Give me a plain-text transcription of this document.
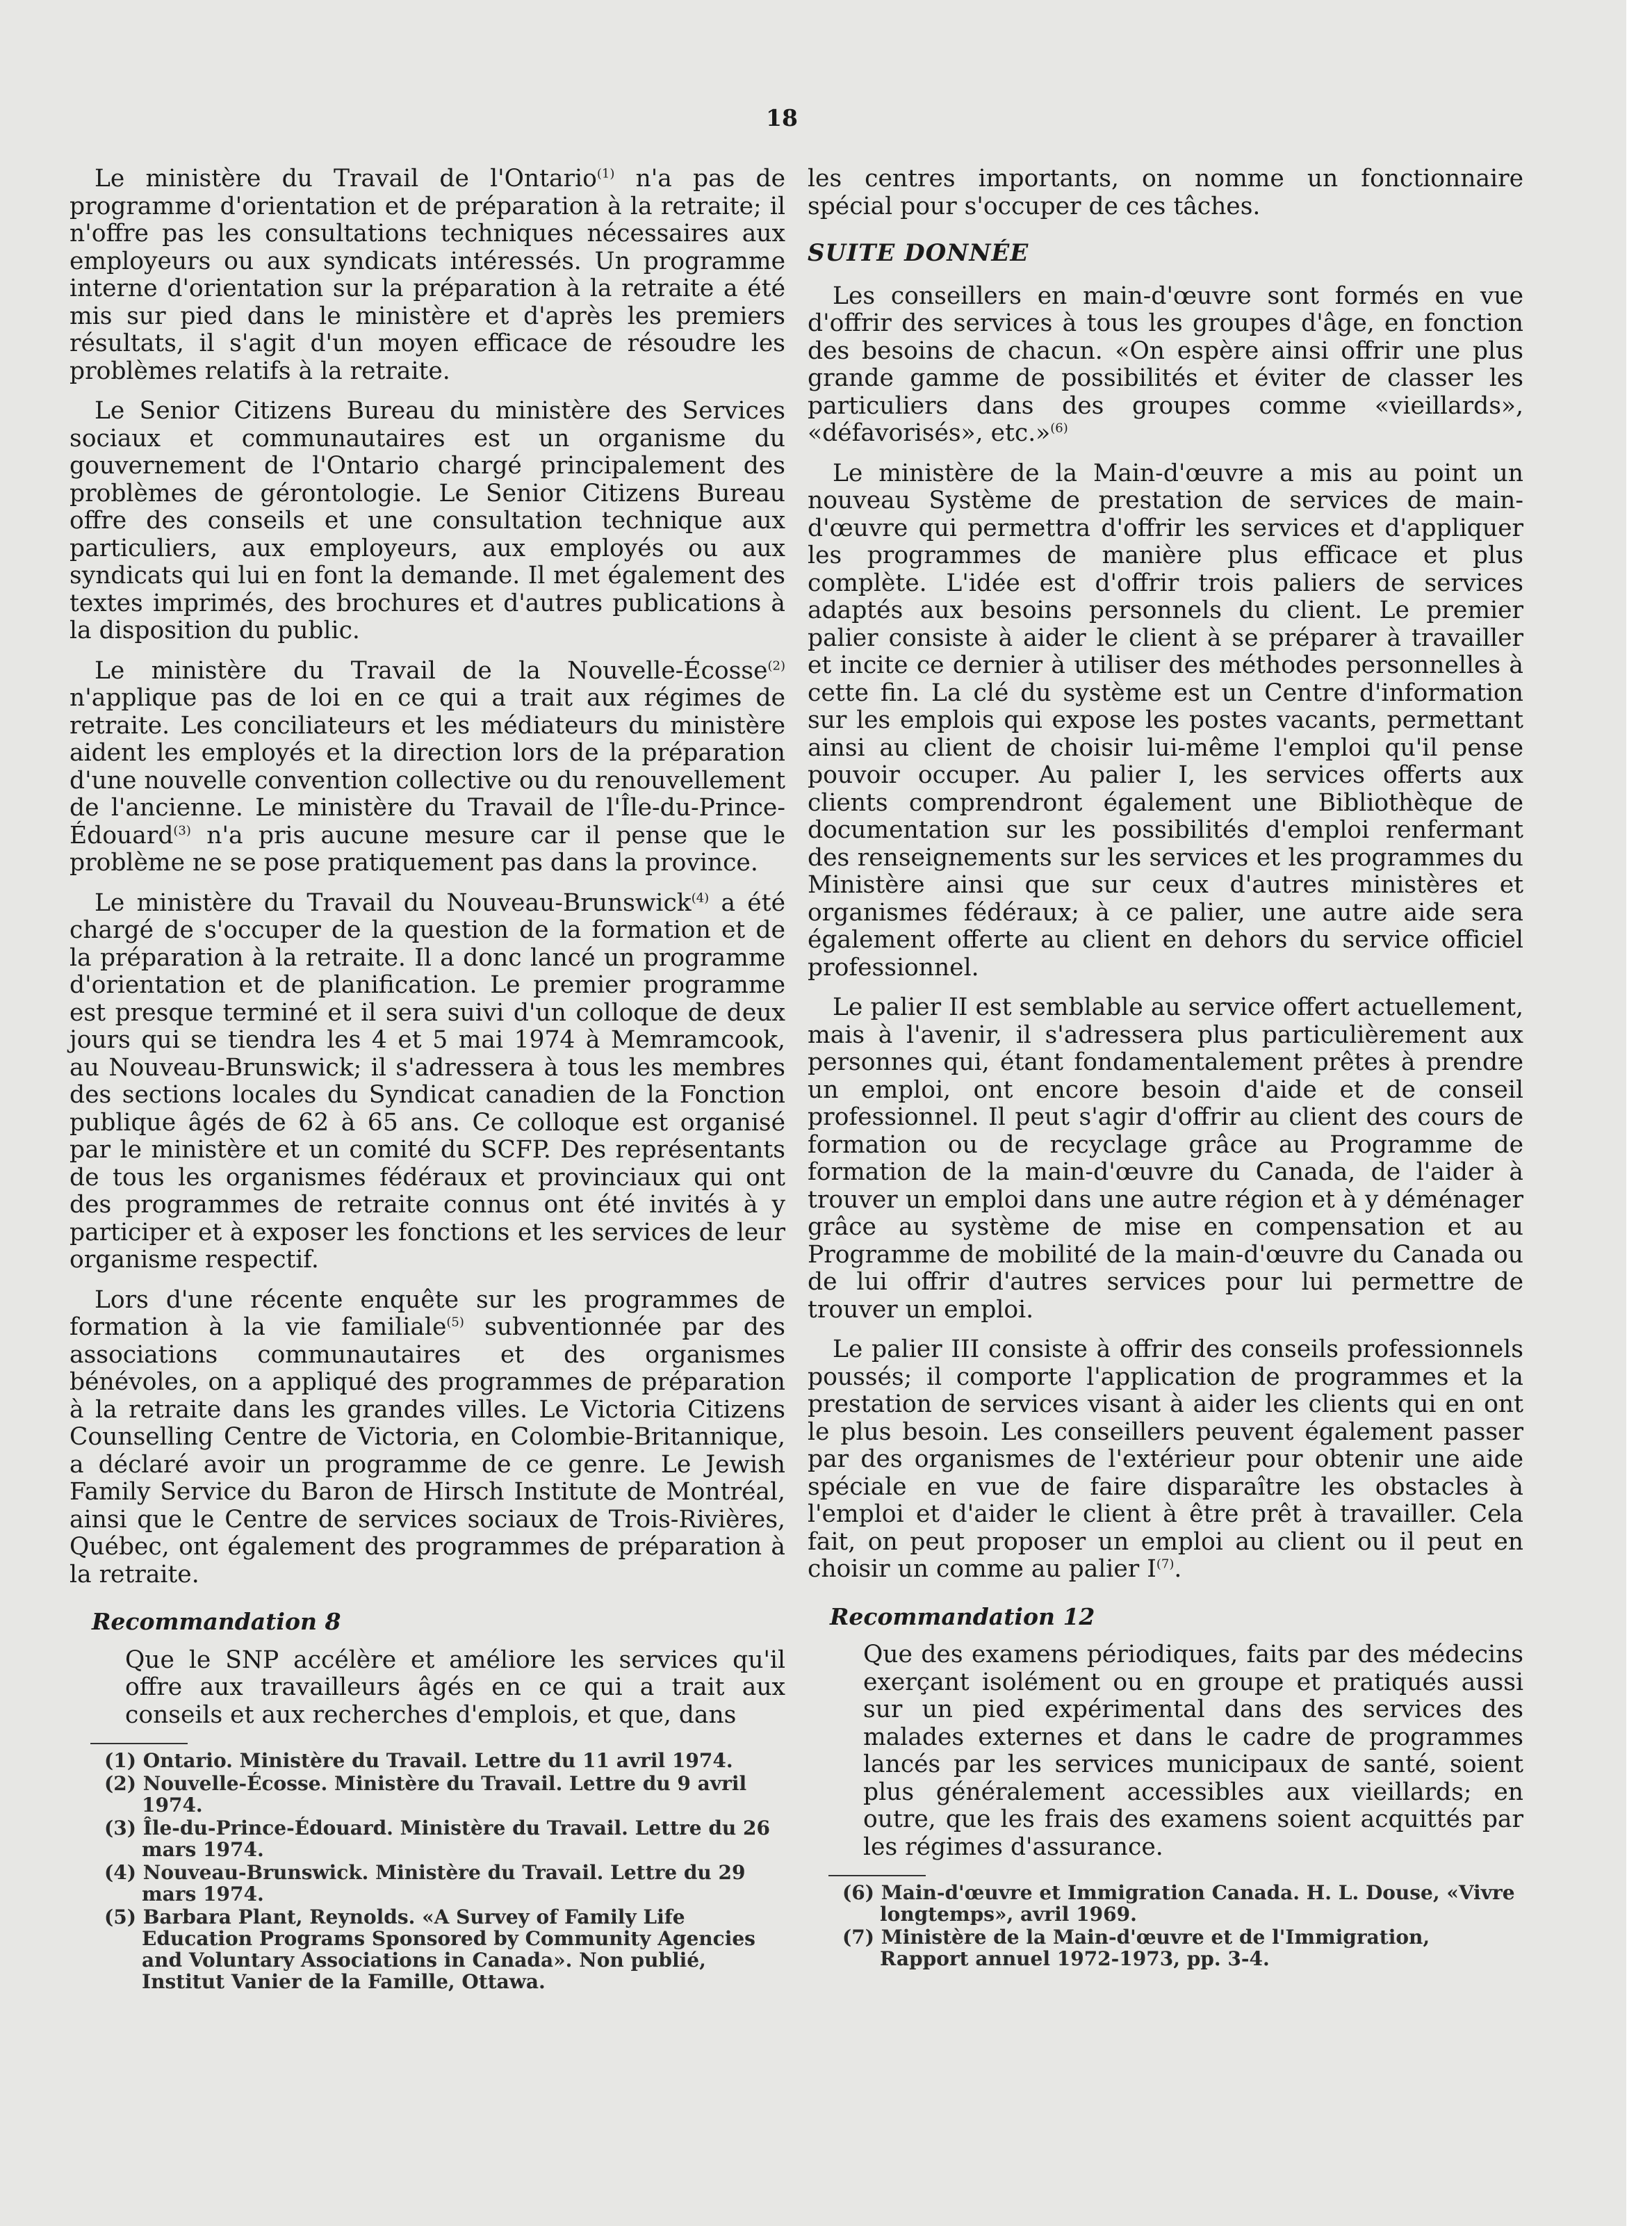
18

Le ministère du Travail de l'Ontario$^{(1)}$ n'a pas de programme d'orientation et de préparation à la retraite; il n'offre pas les consultations techniques nécessaires aux employeurs ou aux syndicats intéressés. Un programme interne d'orientation sur la préparation à la retraite a été mis sur pied dans le ministère et d'après les premiers résultats, il s'agit d'un moyen efficace de résoudre les problèmes relatifs à la retraite.

Le Senior Citizens Bureau du ministère des Services sociaux et communautaires est un organisme du gouvernement de l'Ontario chargé principalement des problèmes de gérontologie. Le Senior Citizens Bureau offre des conseils et une consultation technique aux particuliers, aux employeurs, aux employés ou aux syndicats qui lui en font la demande. Il met également des textes imprimés, des brochures et d'autres publications à la disposition du public.

Le ministère du Travail de la Nouvelle-Écosse$^{(2)}$ n'applique pas de loi en ce qui a trait aux régimes de retraite. Les conciliateurs et les médiateurs du ministère aident les employés et la direction lors de la préparation d'une nouvelle convention collective ou du renouvellement de l'ancienne. Le ministère du Travail de l'Île-du-Prince-Édouard$^{(3)}$ n'a pris aucune mesure car il pense que le problème ne se pose pratiquement pas dans la province.

Le ministère du Travail du Nouveau-Brunswick$^{(4)}$ a été chargé de s'occuper de la question de la formation et de la préparation à la retraite. Il a donc lancé un programme d'orientation et de planification. Le premier programme est presque terminé et il sera suivi d'un colloque de deux jours qui se tiendra les 4 et 5 mai 1974 à Memramcook, au Nouveau-Brunswick; il s'adressera à tous les membres des sections locales du Syndicat canadien de la Fonction publique âgés de 62 à 65 ans. Ce colloque est organisé par le ministère et un comité du SCFP. Des représentants de tous les organismes fédéraux et provinciaux qui ont des programmes de retraite connus ont été invités à y participer et à exposer les fonctions et les services de leur organisme respectif.

Lors d'une récente enquête sur les programmes de formation à la vie familiale$^{(5)}$ subventionnée par des associations communautaires et des organismes bénévoles, on a appliqué des programmes de préparation à la retraite dans les grandes villes. Le Victoria Citizens Counselling Centre de Victoria, en Colombie-Britannique, a déclaré avoir un programme de ce genre. Le Jewish Family Service du Baron de Hirsch Institute de Montréal, ainsi que le Centre de services sociaux de Trois-Rivières, Québec, ont également des programmes de préparation à la retraite.

Recommandation 8
Que le SNP accélère et améliore les services qu'il offre aux travailleurs âgés en ce qui a trait aux conseils et aux recherches d'emplois, et que, dans
(1) Ontario. Ministère du Travail. Lettre du 11 avril 1974.
(2) Nouvelle-Écosse. Ministère du Travail. Lettre du 9 avril 1974.
(3) Île-du-Prince-Édouard. Ministère du Travail. Lettre du 26 mars 1974.
(4) Nouveau-Brunswick. Ministère du Travail. Lettre du 29 mars 1974.
(5) Barbara Plant, Reynolds. «A Survey of Family Life Education Programs Sponsored by Community Agencies and Voluntary Associations in Canada». Non publié, Institut Vanier de la Famille, Ottawa.

les centres importants, on nomme un fonctionnaire spécial pour s'occuper de ces tâches.

SUITE DONNÉE

Les conseillers en main-d'œuvre sont formés en vue d'offrir des services à tous les groupes d'âge, en fonction des besoins de chacun. «On espère ainsi offrir une plus grande gamme de possibilités et éviter de classer les particuliers dans des groupes comme «vieillards», «défavorisés», etc.»$^{(6)}$

Le ministère de la Main-d'œuvre a mis au point un nouveau Système de prestation de services de main-d'œuvre qui permettra d'offrir les services et d'appliquer les programmes de manière plus efficace et plus complète. L'idée est d'offrir trois paliers de services adaptés aux besoins personnels du client. Le premier palier consiste à aider le client à se préparer à travailler et incite ce dernier à utiliser des méthodes personnelles à cette fin. La clé du système est un Centre d'information sur les emplois qui expose les postes vacants, permettant ainsi au client de choisir lui-même l'emploi qu'il pense pouvoir occuper. Au palier I, les services offerts aux clients comprendront également une Bibliothèque de documentation sur les possibilités d'emploi renfermant des renseignements sur les services et les programmes du Ministère ainsi que sur ceux d'autres ministères et organismes fédéraux; à ce palier, une autre aide sera également offerte au client en dehors du service officiel professionnel.

Le palier II est semblable au service offert actuellement, mais à l'avenir, il s'adressera plus particulièrement aux personnes qui, étant fondamentalement prêtes à prendre un emploi, ont encore besoin d'aide et de conseil professionnel. Il peut s'agir d'offrir au client des cours de formation ou de recyclage grâce au Programme de formation de la main-d'œuvre du Canada, de l'aider à trouver un emploi dans une autre région et à y déménager grâce au système de mise en compensation et au Programme de mobilité de la main-d'œuvre du Canada ou de lui offrir d'autres services pour lui permettre de trouver un emploi.

Le palier III consiste à offrir des conseils professionnels poussés; il comporte l'application de programmes et la prestation de services visant à aider les clients qui en ont le plus besoin. Les conseillers peuvent également passer par des organismes de l'extérieur pour obtenir une aide spéciale en vue de faire disparaître les obstacles à l'emploi et d'aider le client à être prêt à travailler. Cela fait, on peut proposer un emploi au client ou il peut en choisir un comme au palier $I^{(7)}$.

Recommandation 12
Que des examens périodiques, faits par des médecins exerçant isolément ou en groupe et pratiqués aussi sur un pied expérimental dans des services des malades externes et dans le cadre de programmes lancés par les services municipaux de santé, soient plus généralement accessibles aux vieillards; en outre, que les frais des examens soient acquittés par les régimes d'assurance.
(6) Main-d'œuvre et Immigration Canada. H. L. Douse, «Vivre longtemps», avril 1969.
(7) Ministère de la Main-d'œuvre et de l'Immigration, Rapport annuel 1972-1973, pp. 3-4.
